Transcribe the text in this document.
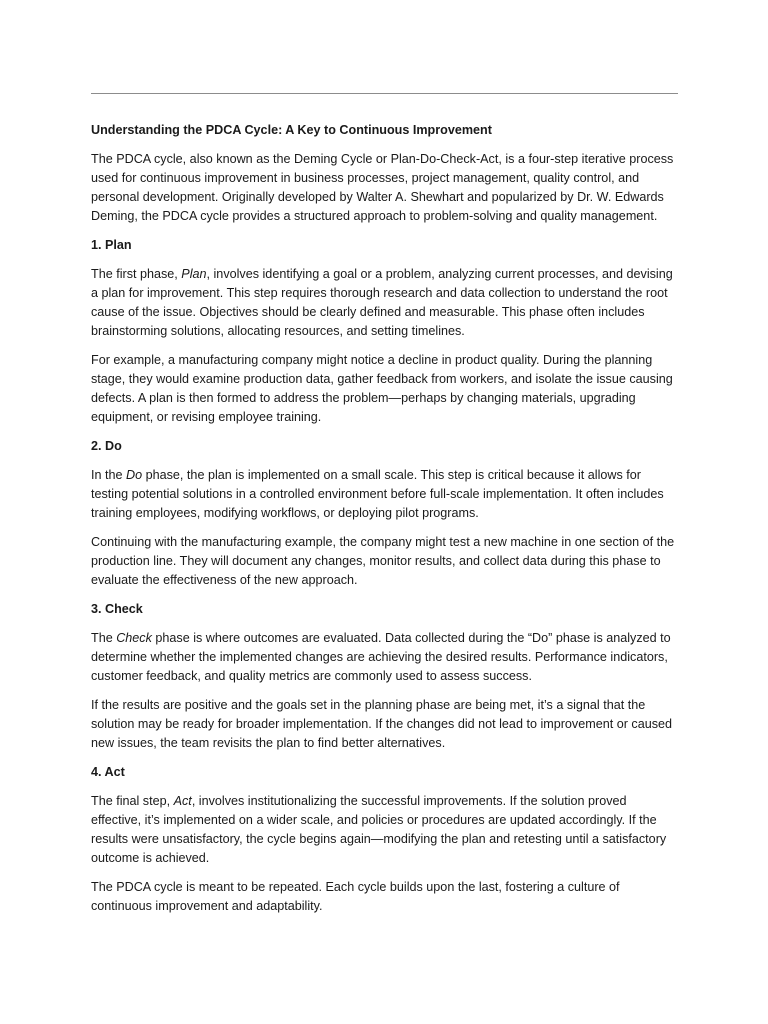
Understanding the PDCA Cycle: A Key to Continuous Improvement

The PDCA cycle, also known as the Deming Cycle or Plan-Do-Check-Act, is a four-step iterative process used for continuous improvement in business processes, project management, quality control, and personal development. Originally developed by Walter A. Shewhart and popularized by Dr. W. Edwards Deming, the PDCA cycle provides a structured approach to problem-solving and quality management.

1. Plan

The first phase, Plan, involves identifying a goal or a problem, analyzing current processes, and devising a plan for improvement. This step requires thorough research and data collection to understand the root cause of the issue. Objectives should be clearly defined and measurable. This phase often includes brainstorming solutions, allocating resources, and setting timelines.

For example, a manufacturing company might notice a decline in product quality. During the planning stage, they would examine production data, gather feedback from workers, and isolate the issue causing defects. A plan is then formed to address the problem—perhaps by changing materials, upgrading equipment, or revising employee training.

2. Do

In the Do phase, the plan is implemented on a small scale. This step is critical because it allows for testing potential solutions in a controlled environment before full-scale implementation. It often includes training employees, modifying workflows, or deploying pilot programs.

Continuing with the manufacturing example, the company might test a new machine in one section of the production line. They will document any changes, monitor results, and collect data during this phase to evaluate the effectiveness of the new approach.

3. Check

The Check phase is where outcomes are evaluated. Data collected during the “Do” phase is analyzed to determine whether the implemented changes are achieving the desired results. Performance indicators, customer feedback, and quality metrics are commonly used to assess success.

If the results are positive and the goals set in the planning phase are being met, it’s a signal that the solution may be ready for broader implementation. If the changes did not lead to improvement or caused new issues, the team revisits the plan to find better alternatives.

4. Act

The final step, Act, involves institutionalizing the successful improvements. If the solution proved effective, it’s implemented on a wider scale, and policies or procedures are updated accordingly. If the results were unsatisfactory, the cycle begins again—modifying the plan and retesting until a satisfactory outcome is achieved.

The PDCA cycle is meant to be repeated. Each cycle builds upon the last, fostering a culture of continuous improvement and adaptability.
